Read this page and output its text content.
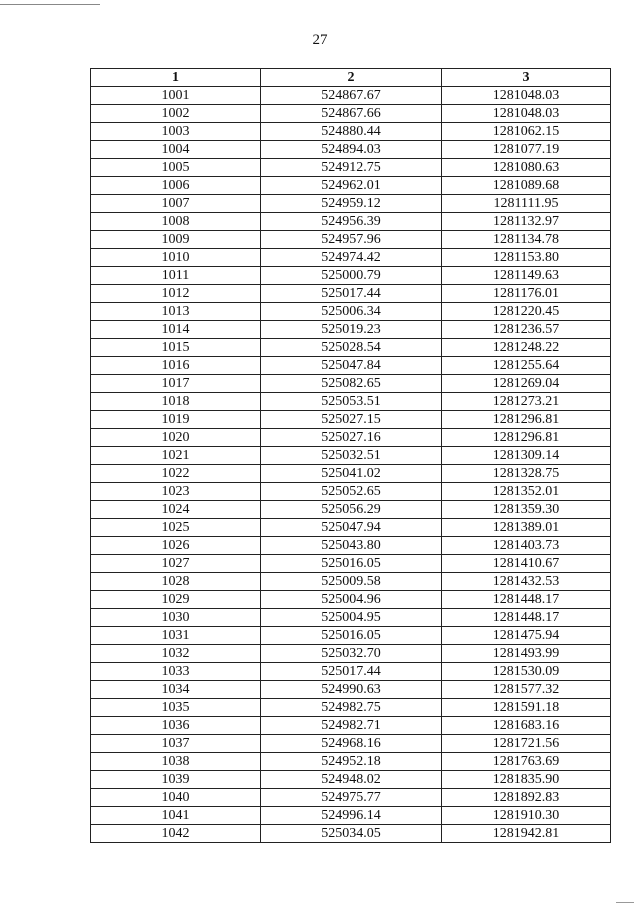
27
1	2	3
1001	524867.67	1281048.03
1002	524867.66	1281048.03
1003	524880.44	1281062.15
1004	524894.03	1281077.19
1005	524912.75	1281080.63
1006	524962.01	1281089.68
1007	524959.12	1281111.95
1008	524956.39	1281132.97
1009	524957.96	1281134.78
1010	524974.42	1281153.80
1011	525000.79	1281149.63
1012	525017.44	1281176.01
1013	525006.34	1281220.45
1014	525019.23	1281236.57
1015	525028.54	1281248.22
1016	525047.84	1281255.64
1017	525082.65	1281269.04
1018	525053.51	1281273.21
1019	525027.15	1281296.81
1020	525027.16	1281296.81
1021	525032.51	1281309.14
1022	525041.02	1281328.75
1023	525052.65	1281352.01
1024	525056.29	1281359.30
1025	525047.94	1281389.01
1026	525043.80	1281403.73
1027	525016.05	1281410.67
1028	525009.58	1281432.53
1029	525004.96	1281448.17
1030	525004.95	1281448.17
1031	525016.05	1281475.94
1032	525032.70	1281493.99
1033	525017.44	1281530.09
1034	524990.63	1281577.32
1035	524982.75	1281591.18
1036	524982.71	1281683.16
1037	524968.16	1281721.56
1038	524952.18	1281763.69
1039	524948.02	1281835.90
1040	524975.77	1281892.83
1041	524996.14	1281910.30
1042	525034.05	1281942.81
